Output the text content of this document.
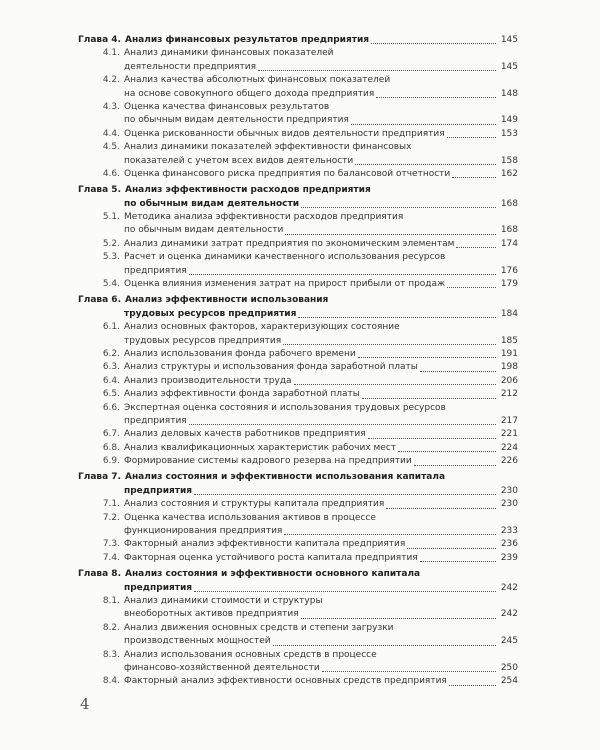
Глава 4. Анализ финансовых результатов предприятия	145
4.1. Анализ динамики финансовых показателей
деятельности предприятия	145
4.2. Анализ качества абсолютных финансовых показателей
на основе совокупного общего дохода предприятия	148
4.3. Оценка качества финансовых результатов
по обычным видам деятельности предприятия	149
4.4. Оценка рискованности обычных видов деятельности предприятия	153
4.5. Анализ динамики показателей эффективности финансовых
показателей с учетом всех видов деятельности	158
4.6. Оценка финансового риска предприятия по балансовой отчетности	162
Глава 5. Анализ эффективности расходов предприятия
по обычным видам деятельности	168
5.1. Методика анализа эффективности расходов предприятия
по обычным видам деятельности	168
5.2. Анализ динамики затрат предприятия по экономическим элементам	174
5.3. Расчет и оценка динамики качественного использования ресурсов
предприятия	176
5.4. Оценка влияния изменения затрат на прирост прибыли от продаж	179
Глава 6. Анализ эффективности использования
трудовых ресурсов предприятия	184
6.1. Анализ основных факторов, характеризующих состояние
трудовых ресурсов предприятия	185
6.2. Анализ использования фонда рабочего времени	191
6.3. Анализ структуры и использования фонда заработной платы	198
6.4. Анализ производительности труда	206
6.5. Анализ эффективности фонда заработной платы	212
6.6. Экспертная оценка состояния и использования трудовых ресурсов
предприятия	217
6.7. Анализ деловых качеств работников предприятия	221
6.8. Анализ квалификационных характеристик рабочих мест	224
6.9. Формирование системы кадрового резерва на предприятии	226
Глава 7. Анализ состояния и эффективности использования капитала
предприятия	230
7.1. Анализ состояния и структуры капитала предприятия	230
7.2. Оценка качества использования активов в процессе
функционирования предприятия	233
7.3. Факторный анализ эффективности капитала предприятия	236
7.4. Факторная оценка устойчивого роста капитала предприятия	239
Глава 8. Анализ состояния и эффективности основного капитала
предприятия	242
8.1. Анализ динамики стоимости и структуры
внеоборотных активов предприятия	242
8.2. Анализ движения основных средств и степени загрузки
производственных мощностей	245
8.3. Анализ использования основных средств в процессе
финансово-хозяйственной деятельности	250
8.4. Факторный анализ эффективности основных средств предприятия	254
4
